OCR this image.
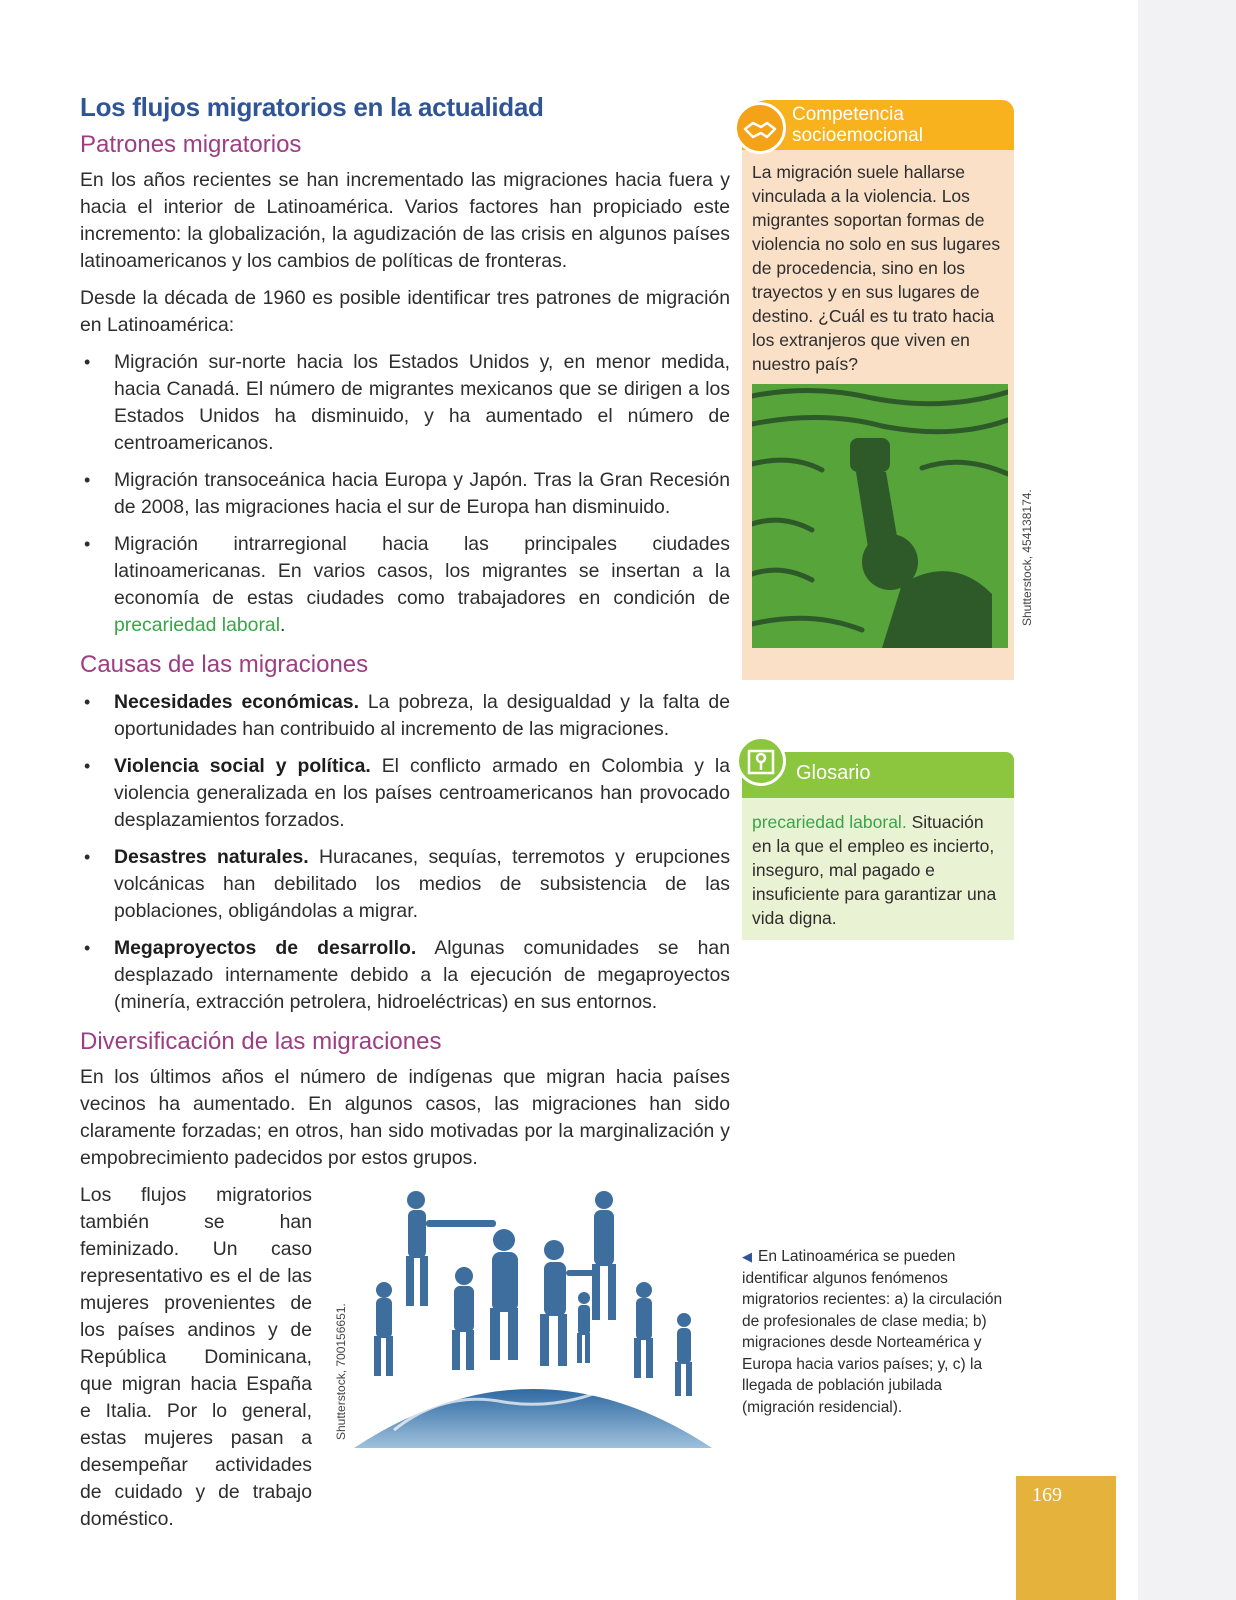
Los flujos migratorios en la actualidad
Patrones migratorios

En los años recientes se han incrementado las migraciones hacia fuera y hacia el interior de Latinoamérica. Varios factores han propiciado este incremento: la globalización, la agudización de las crisis en algunos países latinoamericanos y los cambios de políticas de fronteras.

Desde la década de 1960 es posible identificar tres patrones de migración en Latinoamérica:

• Migración sur-norte hacia los Estados Unidos y, en menor medida, hacia Canadá. El número de migrantes mexicanos que se dirigen a los Estados Unidos ha disminuido, y ha aumentado el número de centroamericanos.
• Migración transoceánica hacia Europa y Japón. Tras la Gran Recesión de 2008, las migraciones hacia el sur de Europa han disminuido.
• Migración intrarregional hacia las principales ciudades latinoamericanas. En varios casos, los migrantes se insertan a la economía de estas ciudades como trabajadores en condición de precariedad laboral.
Causas de las migraciones
• Necesidades económicas. La pobreza, la desigualdad y la falta de oportunidades han contribuido al incremento de las migraciones.
• Violencia social y política. El conflicto armado en Colombia y la violencia generalizada en los países centroamericanos han provocado desplazamientos forzados.
• Desastres naturales. Huracanes, sequías, terremotos y erupciones volcánicas han debilitado los medios de subsistencia de las poblaciones, obligándolas a migrar.
• Megaproyectos de desarrollo. Algunas comunidades se han desplazado internamente debido a la ejecución de megaproyectos (minería, extracción petrolera, hidroeléctricas) en sus entornos.
Diversificación de las migraciones

En los últimos años el número de indígenas que migran hacia países vecinos ha aumentado. En algunos casos, las migraciones han sido claramente forzadas; en otros, han sido motivadas por la marginalización y empobrecimiento padecidos por estos grupos.

Los flujos migratorios también se han feminizado. Un caso representativo es el de las mujeres provenientes de los países andinos y de República Dominicana, que migran hacia España e Italia. Por lo general, estas mujeres pasan a desempeñar actividades de cuidado y de trabajo doméstico.

Shutterstock, 700156651.
Competencia
socioemocional

La migración suele hallarse vinculada a la violencia. Los migrantes soportan formas de violencia no solo en sus lugares de procedencia, sino en los trayectos y en sus lugares de destino. ¿Cuál es tu trato hacia los extranjeros que viven en nuestro país?

Shutterstock, 454138174.
Glosario

precariedad laboral. Situación en la que el empleo es incierto, inseguro, mal pagado e insuficiente para garantizar una vida digna.

◀ En Latinoamérica se pueden identificar algunos fenómenos migratorios recientes: a) la circulación de profesionales de clase media; b) migraciones desde Norteamérica y Europa hacia varios países; y, c) la llegada de población jubilada (migración residencial).

169
